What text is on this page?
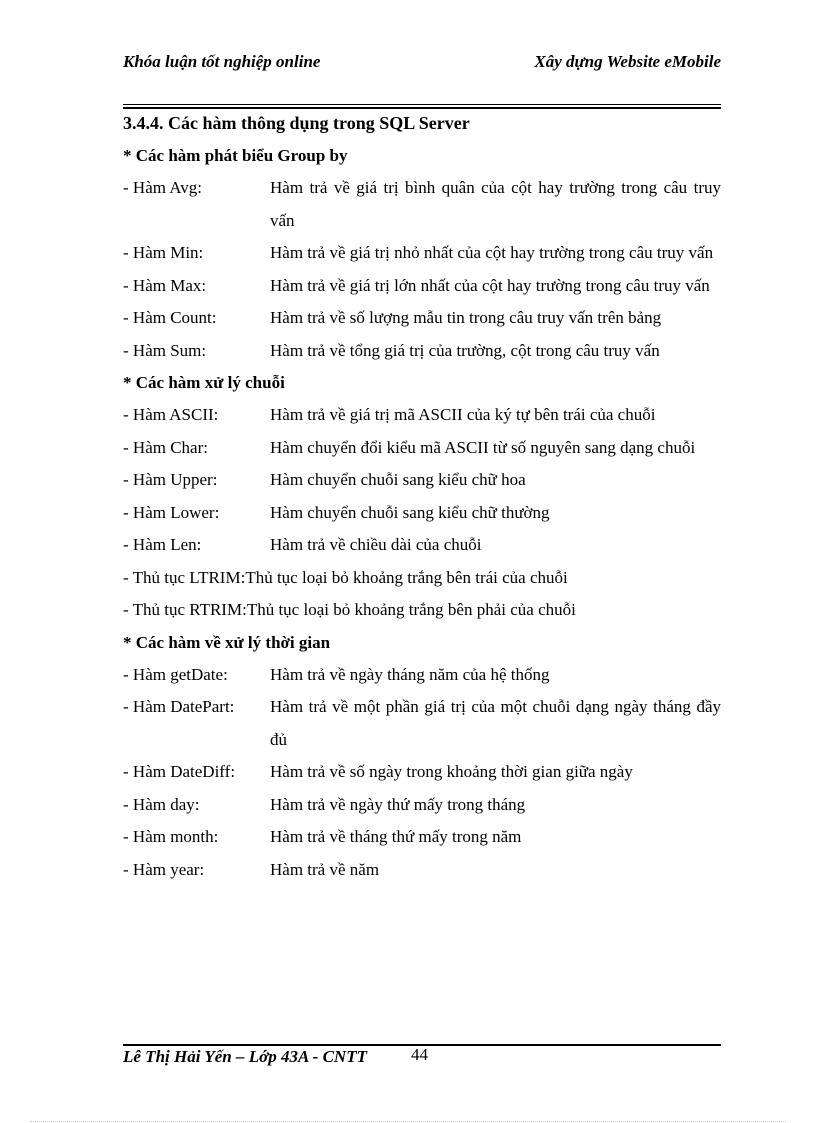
Khóa luận tốt nghiệp online	Xây dựng Website eMobile
3.4.4. Các hàm thông dụng trong SQL Server
* Các hàm phát biểu Group by
- Hàm Avg:	Hàm trả về giá trị bình quân của cột hay trường trong câu truy vấn
- Hàm Min:	Hàm trả về giá trị nhỏ nhất của cột hay trường trong câu truy vấn
- Hàm Max:	Hàm trả về giá trị lớn nhất của cột hay trường trong câu truy vấn
- Hàm Count:	Hàm trả về số lượng mẫu tin trong câu truy vấn trên bảng
- Hàm Sum:	Hàm trả về tổng giá trị của trường, cột trong câu truy vấn
* Các hàm xử lý chuỗi
- Hàm ASCII:	Hàm trả về giá trị mã ASCII của ký tự bên trái của chuỗi
- Hàm Char:	Hàm chuyển đổi kiểu mã ASCII từ số nguyên sang dạng chuỗi
- Hàm Upper:	Hàm chuyển chuỗi sang kiểu chữ hoa
- Hàm Lower:	Hàm chuyển chuỗi sang kiểu chữ thường
- Hàm Len:	Hàm trả về chiều dài của chuỗi
- Thủ tục LTRIM: Thủ tục loại bỏ khoảng trắng bên trái của chuỗi
- Thủ tục RTRIM: Thủ tục loại bỏ khoảng trắng bên phải của chuỗi
* Các hàm về xử lý thời gian
- Hàm getDate:	Hàm trả về ngày tháng năm của hệ thống
- Hàm DatePart:	Hàm trả về một phần giá trị của một chuỗi dạng ngày tháng đầy đủ
- Hàm DateDiff:	Hàm trả về số ngày trong khoảng thời gian giữa ngày
- Hàm day:	Hàm trả về ngày thứ mấy trong tháng
- Hàm month:	Hàm trả về tháng thứ mấy trong năm
- Hàm year:	Hàm trả về năm
Lê Thị Hải Yến – Lớp 43A - CNTT	44
